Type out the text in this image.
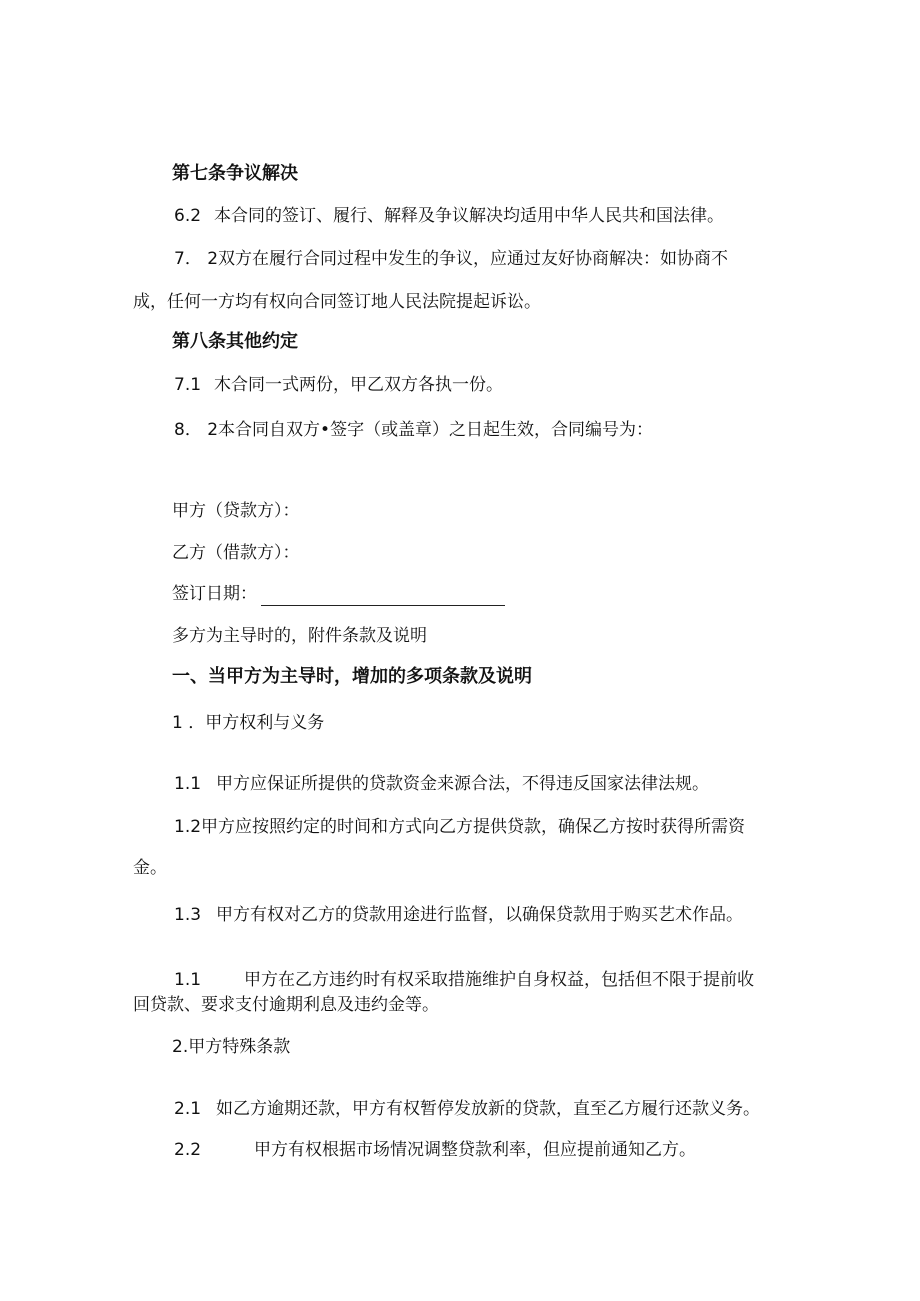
第七条争议解决
6.2 本合同的签订、履行、解释及争议解决均适用中华人民共和国法律。
7． 2双方在履行合同过程中发生的争议，应通过友好协商解决：如协商不
成，任何一方均有权向合同签订地人民法院提起诉讼。
第八条其他约定
7.1 木合同一式两份，甲乙双方各执一份。
8． 2本合同自双方•签字（或盖章）之日起生效，合同编号为：
甲方（贷款方）：
乙方（借款方）：
签订日期：
多方为主导时的，附件条款及说明
一、当甲方为主导时，增加的多项条款及说明
1 ．甲方权利与义务
1.1 甲方应保证所提供的贷款资金来源合法，不得违反国家法律法规。
1.2甲方应按照约定的时间和方式向乙方提供贷款，确保乙方按时获得所需资
金。
1.3 甲方有权对乙方的贷款用途进行监督，以确保贷款用于购买艺术作品。
1.1	甲方在乙方违约时有权采取措施维护自身权益，包括但不限于提前收
回贷款、要求支付逾期利息及违约金等。
2.甲方特殊条款
2.1 如乙方逾期还款，甲方有权暂停发放新的贷款，直至乙方履行还款义务。
2.2	甲方有权根据市场情况调整贷款利率，但应提前通知乙方。
